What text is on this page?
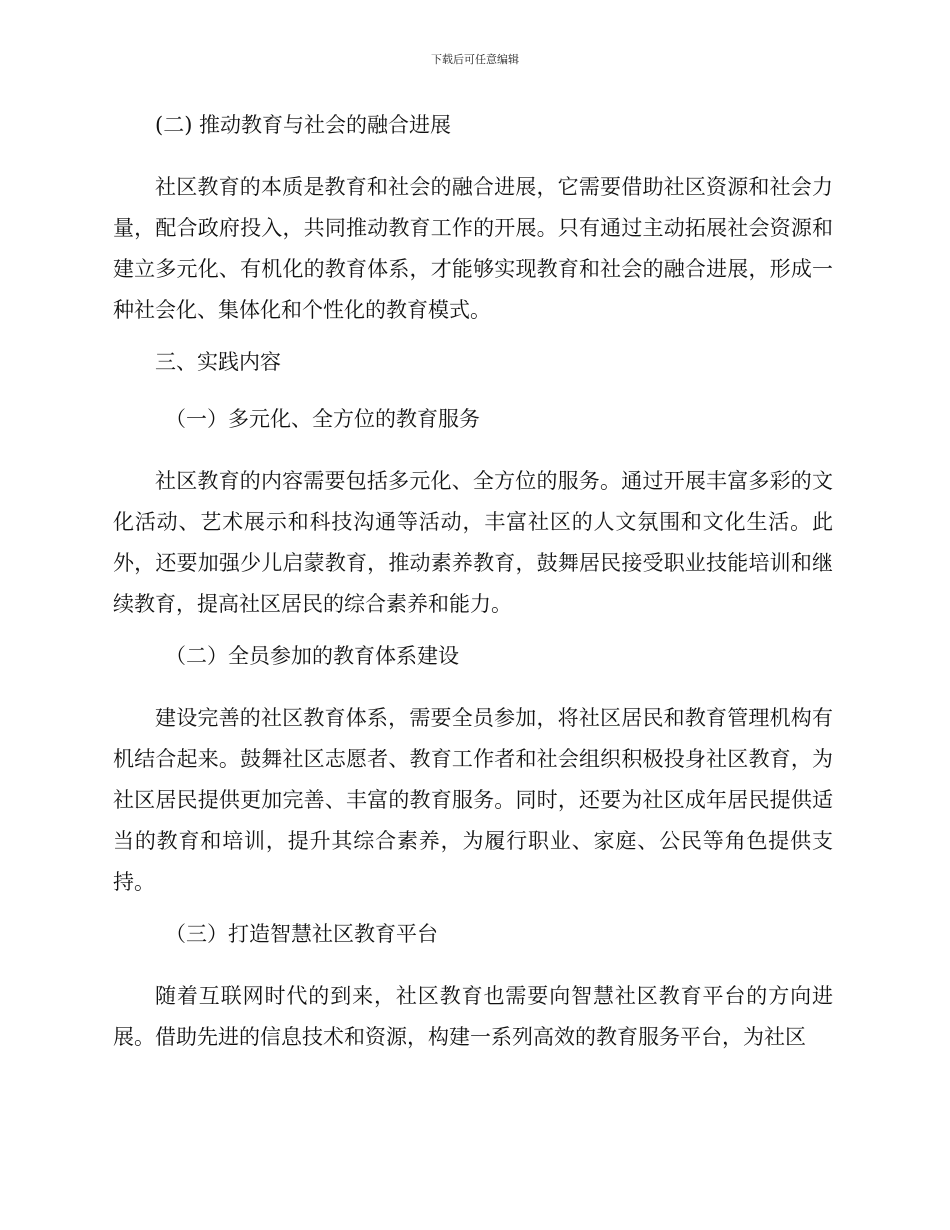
下载后可任意编辑

(二) 推动教育与社会的融合进展

社区教育的本质是教育和社会的融合进展，它需要借助社区资源和社会力量，配合政府投入，共同推动教育工作的开展。只有通过主动拓展社会资源和建立多元化、有机化的教育体系，才能够实现教育和社会的融合进展，形成一种社会化、集体化和个性化的教育模式。

三、实践内容

（一）多元化、全方位的教育服务

社区教育的内容需要包括多元化、全方位的服务。通过开展丰富多彩的文化活动、艺术展示和科技沟通等活动，丰富社区的人文氛围和文化生活。此外，还要加强少儿启蒙教育，推动素养教育，鼓舞居民接受职业技能培训和继续教育，提高社区居民的综合素养和能力。

（二）全员参加的教育体系建设

建设完善的社区教育体系，需要全员参加，将社区居民和教育管理机构有机结合起来。鼓舞社区志愿者、教育工作者和社会组织积极投身社区教育，为社区居民提供更加完善、丰富的教育服务。同时，还要为社区成年居民提供适当的教育和培训，提升其综合素养，为履行职业、家庭、公民等角色提供支持。

（三）打造智慧社区教育平台

随着互联网时代的到来，社区教育也需要向智慧社区教育平台的方向进展。借助先进的信息技术和资源，构建一系列高效的教育服务平台，为社区
